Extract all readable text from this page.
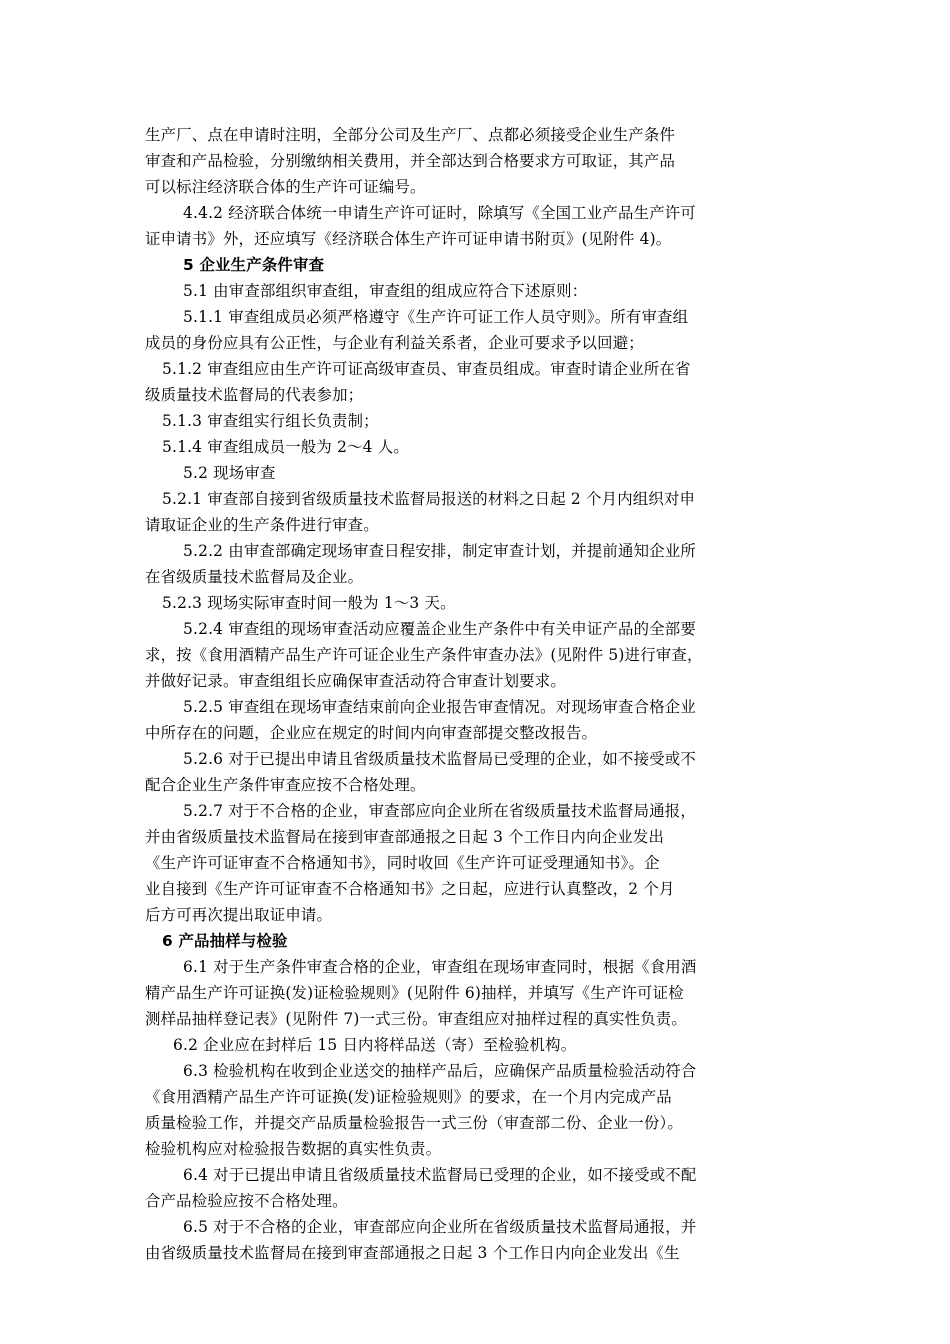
生产厂、点在申请时注明，全部分公司及生产厂、点都必须接受企业生产条件
审查和产品检验，分别缴纳相关费用，并全部达到合格要求方可取证，其产品
可以标注经济联合体的生产许可证编号。
4.4.2 经济联合体统一申请生产许可证时，除填写《全国工业产品生产许可
证申请书》外，还应填写《经济联合体生产许可证申请书附页》(见附件 4)。
5 企业生产条件审查
5.1 由审查部组织审查组，审查组的组成应符合下述原则：
5.1.1 审查组成员必须严格遵守《生产许可证工作人员守则》。所有审查组
成员的身份应具有公正性，与企业有利益关系者，企业可要求予以回避；
5.1.2 审查组应由生产许可证高级审查员、审查员组成。审查时请企业所在省
级质量技术监督局的代表参加；
5.1.3 审查组实行组长负责制；
5.1.4 审查组成员一般为 2～4 人。
5.2 现场审查
5.2.1 审查部自接到省级质量技术监督局报送的材料之日起 2 个月内组织对申
请取证企业的生产条件进行审查。
5.2.2 由审查部确定现场审查日程安排，制定审查计划，并提前通知企业所
在省级质量技术监督局及企业。
5.2.3 现场实际审查时间一般为 1～3 天。
5.2.4 审查组的现场审查活动应覆盖企业生产条件中有关申证产品的全部要
求，按《食用酒精产品生产许可证企业生产条件审查办法》(见附件 5)进行审查，
并做好记录。审查组组长应确保审查活动符合审查计划要求。
5.2.5 审查组在现场审查结束前向企业报告审查情况。对现场审查合格企业
中所存在的问题，企业应在规定的时间内向审查部提交整改报告。
5.2.6 对于已提出申请且省级质量技术监督局已受理的企业，如不接受或不
配合企业生产条件审查应按不合格处理。
5.2.7 对于不合格的企业，审查部应向企业所在省级质量技术监督局通报，
并由省级质量技术监督局在接到审查部通报之日起 3 个工作日内向企业发出
《生产许可证审查不合格通知书》，同时收回《生产许可证受理通知书》。企
业自接到《生产许可证审查不合格通知书》之日起，应进行认真整改，2 个月
后方可再次提出取证申请。
6 产品抽样与检验
6.1 对于生产条件审查合格的企业，审查组在现场审查同时，根据《食用酒
精产品生产许可证换(发)证检验规则》(见附件 6)抽样，并填写《生产许可证检
测样品抽样登记表》(见附件 7)一式三份。审查组应对抽样过程的真实性负责。
6.2 企业应在封样后 15 日内将样品送（寄）至检验机构。
6.3 检验机构在收到企业送交的抽样产品后，应确保产品质量检验活动符合
《食用酒精产品生产许可证换(发)证检验规则》的要求，在一个月内完成产品
质量检验工作，并提交产品质量检验报告一式三份（审查部二份、企业一份）。
检验机构应对检验报告数据的真实性负责。
6.4 对于已提出申请且省级质量技术监督局已受理的企业，如不接受或不配
合产品检验应按不合格处理。
6.5 对于不合格的企业，审查部应向企业所在省级质量技术监督局通报，并
由省级质量技术监督局在接到审查部通报之日起 3 个工作日内向企业发出《生
